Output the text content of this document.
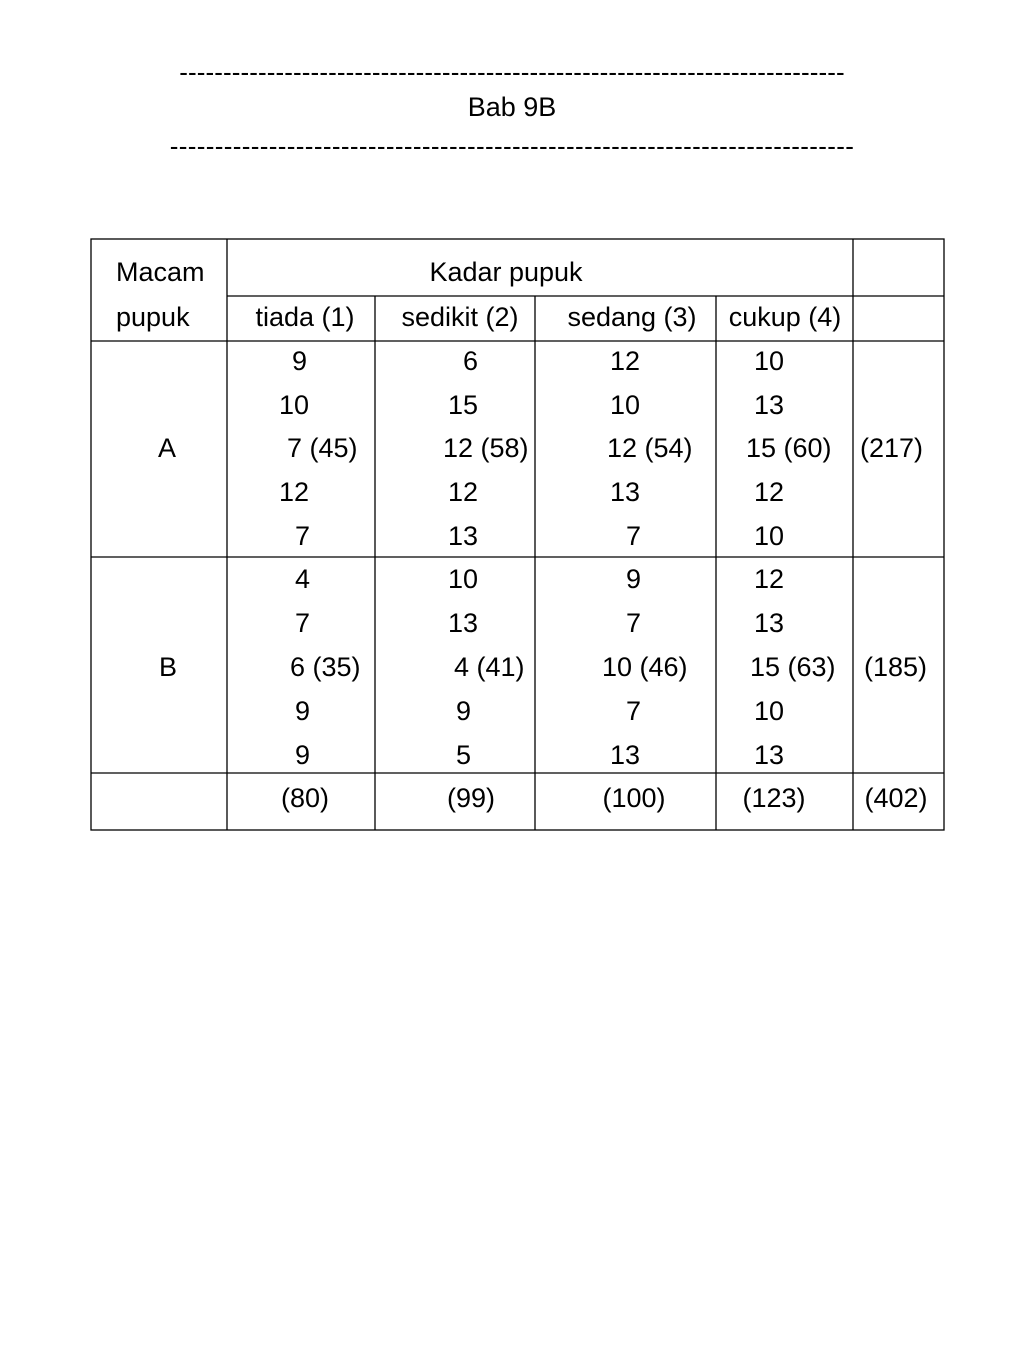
----------------------------------------------------------------------------
Bab 9B
----------------------------------------------------------------------------
Macam
pupuk
Kadar pupuk
tiada (1) sedikit (2) sedang (3) cukup (4)
A
9	6	12	10
10	15	10	13
7 (45)	12 (58)	12 (54) 15 (60) (217)
12	12	13	12
7	13	7	10
B
4	10	9	12
7	13	7	13
6 (35)	4 (41)	10 (46) 15 (63) (185)
9	9	7	10
9	5	13	13
(80)	(99)	(100)	(123) (402)
